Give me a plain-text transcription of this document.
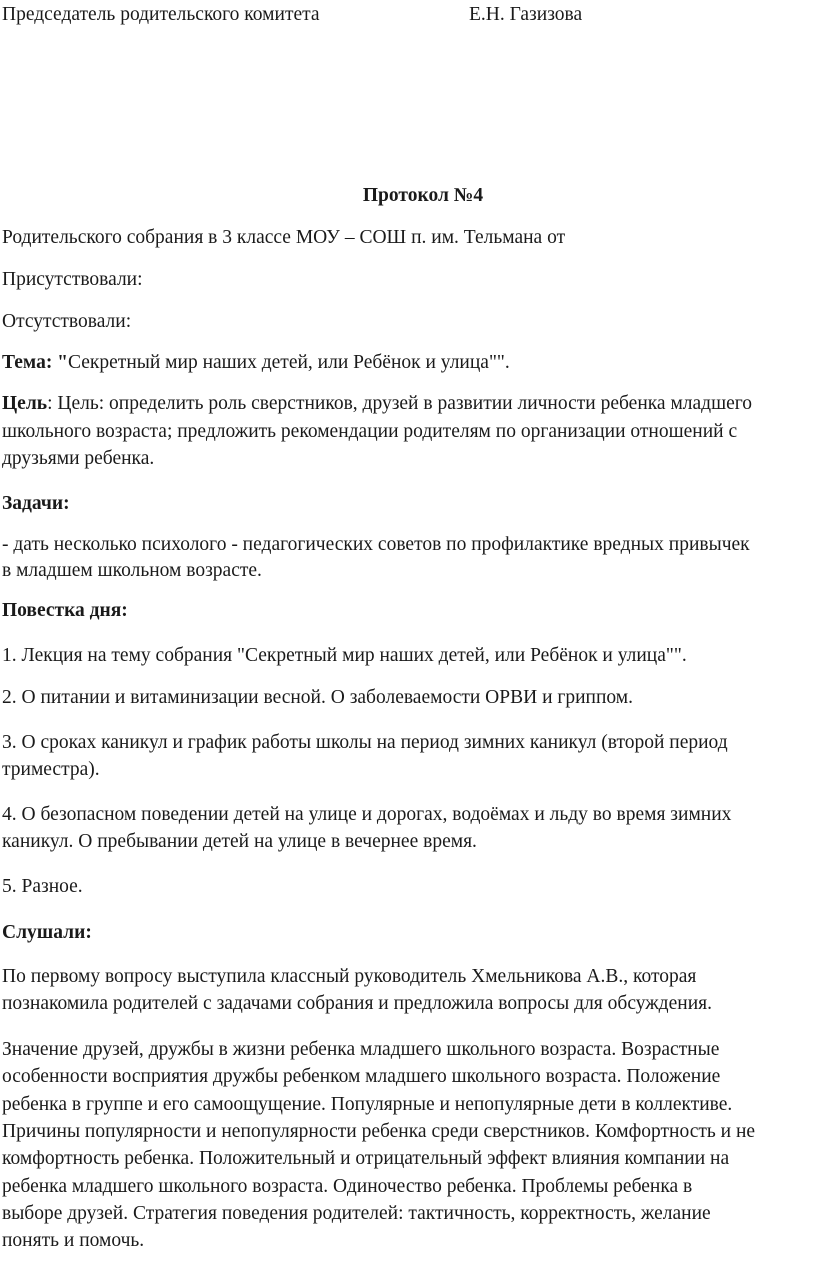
Председатель родительского комитета	Е.Н. Газизова
Протокол №4
Родительского собрания в 3 классе МОУ – СОШ п. им. Тельмана от
Присутствовали:
Отсутствовали:
Тема: "Секретный мир наших детей, или Ребёнок и улица"".
Цель: Цель: определить роль сверстников, друзей в развитии личности ребенка младшего
школьного возраста; предложить рекомендации родителям по организации отношений с
друзьями ребенка.
Задачи:
- дать несколько психолого - педагогических советов по профилактике вредных привычек
в младшем школьном возрасте.
Повестка дня:
1. Лекция на тему собрания "Секретный мир наших детей, или Ребёнок и улица"".
2. О питании и витаминизации весной. О заболеваемости ОРВИ и гриппом.
3. О сроках каникул и график работы школы на период зимних каникул (второй период
триместра).
4. О безопасном поведении детей на улице и дорогах, водоёмах и льду во время зимних
каникул. О пребывании детей на улице в вечернее время.
5. Разное.
Слушали:
По первому вопросу выступила классный руководитель Хмельникова А.В., которая
познакомила родителей с задачами собрания и предложила вопросы для обсуждения.
Значение друзей, дружбы в жизни ребенка младшего школьного возраста. Возрастные
особенности восприятия дружбы ребенком младшего школьного возраста. Положение
ребенка в группе и его самоощущение. Популярные и непопулярные дети в коллективе.
Причины популярности и непопулярности ребенка среди сверстников. Комфортность и не
комфортность ребенка. Положительный и отрицательный эффект влияния компании на
ребенка младшего школьного возраста. Одиночество ребенка. Проблемы ребенка в
выборе друзей. Стратегия поведения родителей: тактичность, корректность, желание
понять и помочь.
